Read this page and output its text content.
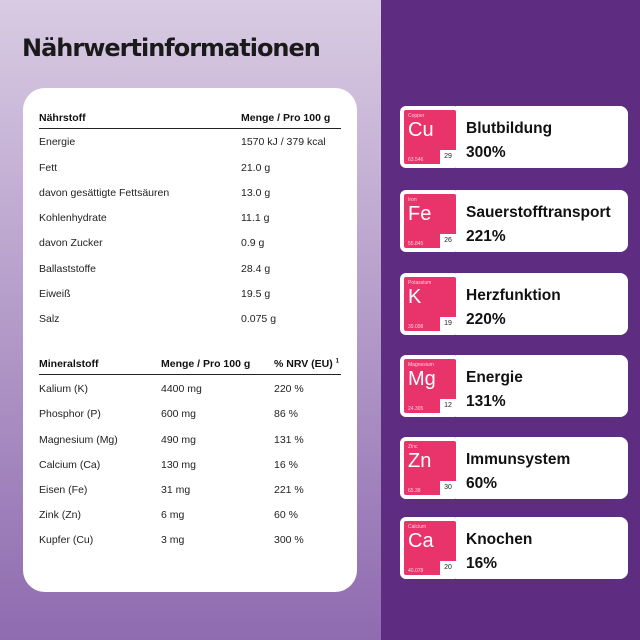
Nährwertinformationen
Nährstoff	Menge / Pro 100 g
Energie	1570 kJ / 379 kcal
Fett	21.0 g
davon gesättigte Fettsäuren	13.0 g
Kohlenhydrate	11.1 g
davon Zucker	0.9 g
Ballaststoffe	28.4 g
Eiweiß	19.5 g
Salz	0.075 g
Mineralstoff	Menge / Pro 100 g % NRV (EU) $^1$
Kalium (K)	4400 mg	220 %
Phosphor (P)	600 mg	86 %
Magnesium (Mg)	490 mg	131 %
Calcium (Ca)	130 mg	16 %
Eisen (Fe)	31 mg	221 %
Zink (Zn)	6 mg	60 %
Kupfer (Cu)	3 mg	300 %
Blutbildung
300%
Copper
Cu
63.546	29
Sauerstofftransport
221%
Iron
Fe
55.845	26
Herzfunktion
220%
Potassium
K
39.098	19
Energie
131%
Magnesium
Mg
24.305	12
Immunsystem
60%
Zinc
Zn
65.38	30
Knochen
16%
Calcium
Ca
40.078	20
